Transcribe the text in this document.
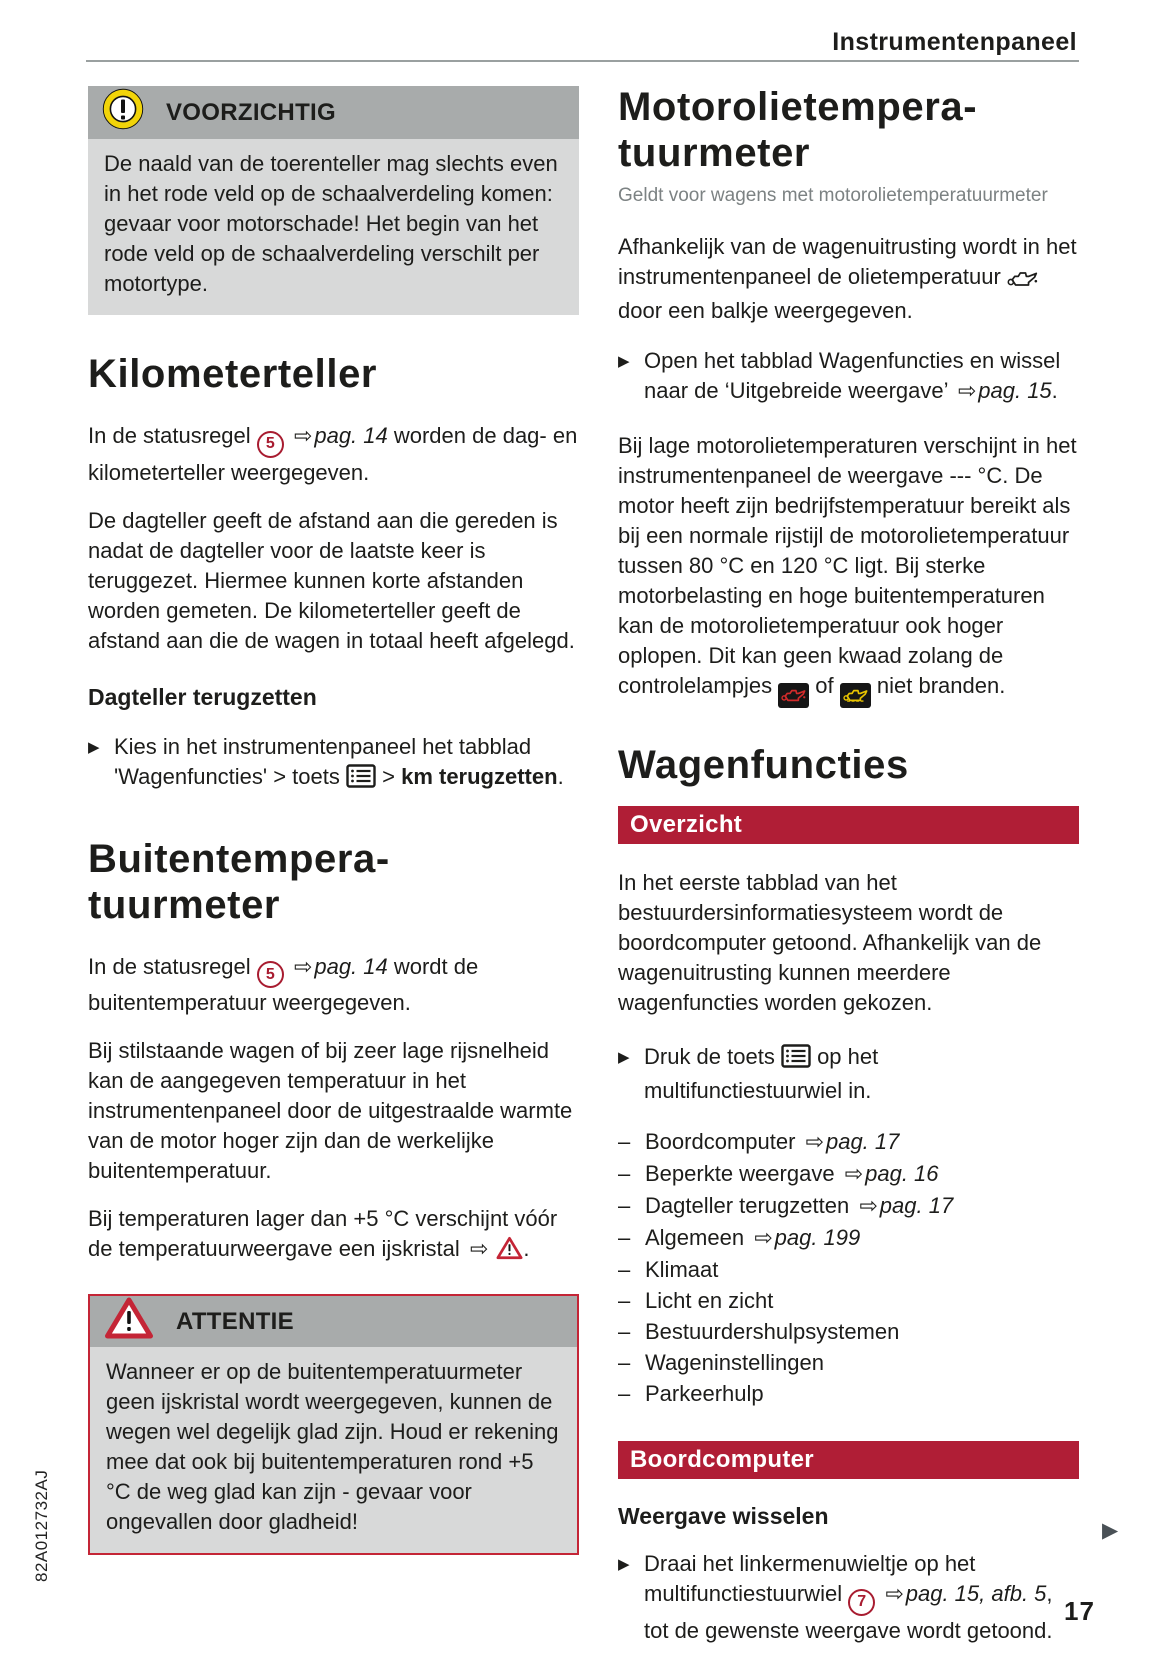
Instrumentenpaneel
VOORZICHTIG
De naald van de toerenteller mag slechts even in het rode veld op de schaalverdeling komen: gevaar voor motorschade! Het begin van het rode veld op de schaalverdeling verschilt per motortype.
Kilometerteller

In de statusregel 5 ⇨pag. 14 worden de dag- en kilometerteller weergegeven.

De dagteller geeft de afstand aan die gereden is nadat de dagteller voor de laatste keer is teruggezet. Hiermee kunnen korte afstanden worden gemeten. De kilometerteller geeft de afstand aan die de wagen in totaal heeft afgelegd.

Dagteller terugzetten
▶ Kies in het instrumentenpaneel het tabblad 'Wagenfuncties' > toets  > km terugzetten.
Buitentempera-
tuurmeter

In de statusregel 5 ⇨pag. 14 wordt de buitentemperatuur weergegeven.

Bij stilstaande wagen of bij zeer lage rijsnelheid kan de aangegeven temperatuur in het instrumentenpaneel door de uitgestraalde warmte van de motor hoger zijn dan de werkelijke buitentemperatuur.

Bij temperaturen lager dan +5 °C verschijnt vóór de temperatuurweergave een ijskristal ⇨ .

ATTENTIE
Wanneer er op de buitentemperatuurmeter geen ijskristal wordt weergegeven, kunnen de wegen wel degelijk glad zijn. Houd er rekening mee dat ook bij buitentemperaturen rond +5 °C de weg glad kan zijn - gevaar voor ongevallen door gladheid!
Motorolietempera-
tuurmeter
Geldt voor wagens met motorolietemperatuurmeter

Afhankelijk van de wagenuitrusting wordt in het instrumentenpaneel de olietemperatuur  door een balkje weergegeven.

▶ Open het tabblad Wagenfuncties en wissel naar de ‘Uitgebreide weergave’ ⇨pag. 15.

Bij lage motorolietemperaturen verschijnt in het instrumentenpaneel de weergave --- °C. De motor heeft zijn bedrijfstemperatuur bereikt als bij een normale rijstijl de motorolietemperatuur tussen 80 °C en 120 °C ligt. Bij sterke motorbelasting en hoge buitentemperaturen kan de motorolietemperatuur ook hoger oplopen. Dit kan geen kwaad zolang de controlelampjes
of
niet branden.

Wagenfuncties
Overzicht

In het eerste tabblad van het bestuurdersinformatiesysteem wordt de boordcomputer getoond. Afhankelijk van de wagenuitrusting kunnen meerdere wagenfuncties worden gekozen.

▶ Druk de toets  op het multifunctiestuurwiel in.
– Boordcomputer ⇨pag. 17
– Beperkte weergave ⇨pag. 16
– Dagteller terugzetten ⇨pag. 17
– Algemeen ⇨pag. 199
– Klimaat
– Licht en zicht
– Bestuurdershulpsystemen
– Wageninstellingen
– Parkeerhulp
Boordcomputer
Weergave wisselen
▶ Draai het linkermenuwieltje op het multifunctiestuurwiel 7 ⇨pag. 15, afb. 5, tot de gewenste weergave wordt getoond.
▶
17
82A012732AJ
